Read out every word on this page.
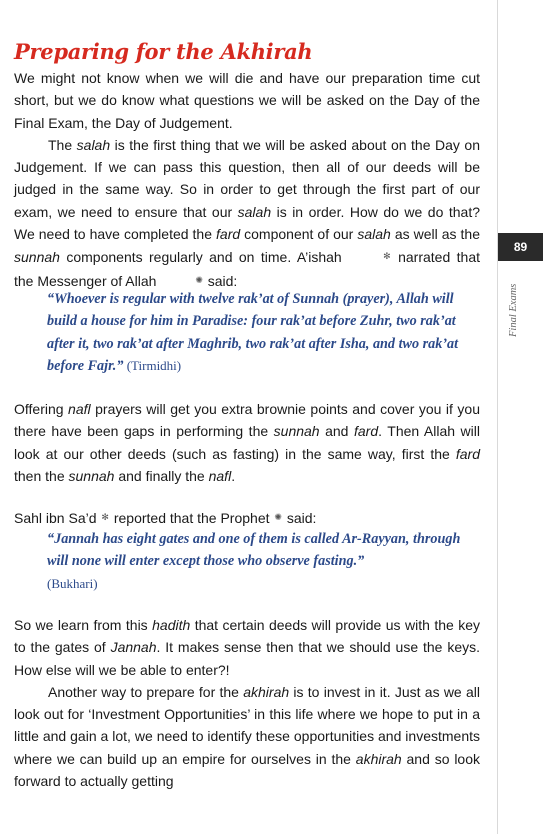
Preparing for the Akhirah

We might not know when we will die and have our preparation time cut short, but we do know what questions we will be asked on the Day of the Final Exam, the Day of Judgement.

The salah is the first thing that we will be asked about on the Day on Judgement. If we can pass this question, then all of our deeds will be judged in the same way. So in order to get through the first part of our exam, we need to ensure that our salah is in order. How do we do that? We need to have completed the fard component of our salah as well as the sunnah components regularly and on time. A’ishah	✻ narrated that the Messenger of Allah	✺ said:

“Whoever is regular with twelve rak’at of Sunnah (prayer), Allah will build a house for him in Paradise: four rak’at before Zuhr, two rak’at after it, two rak’at after Maghrib, two rak’at after Isha, and two rak’at before Fajr.” (Tirmidhi)

Offering nafl prayers will get you extra brownie points and cover you if you there have been gaps in performing the sunnah and fard. Then Allah will look at our other deeds (such as fasting) in the same way, first the fard then the sunnah and finally the nafl.

Sahl ibn Sa’d ✻ reported that the Prophet ✺ said:

“Jannah has eight gates and one of them is called Ar-Rayyan, through will none will enter except those who observe fasting.”
(Bukhari)

So we learn from this hadith that certain deeds will provide us with the key to the gates of Jannah. It makes sense then that we should use the keys. How else will we be able to enter?!

Another way to prepare for the akhirah is to invest in it. Just as we all look out for ‘Investment Opportunities’ in this life where we hope to put in a little and gain a lot, we need to identify these opportunities and investments where we can build up an empire for ourselves in the akhirah and so look forward to actually getting

89
Final Exams
